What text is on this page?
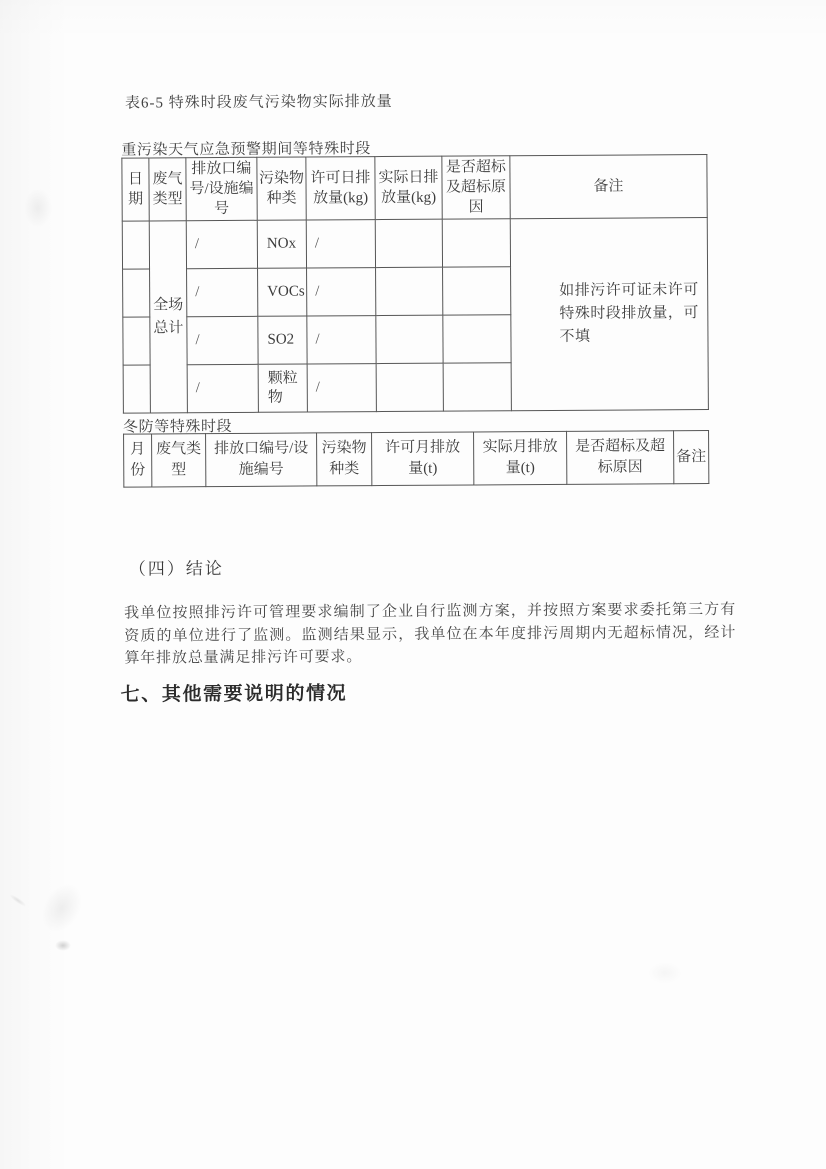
表6-5 特殊时段废气污染物实际排放量
重污染天气应急预警期间等特殊时段
日期	废气类型	排放口编号/设施编号	污染物种类	许可日排放量(kg)	实际日排放量(kg)	是否超标及超标原因	备注
	全场总计	/	NOx	/			如排污许可证未许可特殊时段排放量，可不填

		/	VOCs	/			
		/	SO2	/			
		/	颗粒物	/			
冬防等特殊时段
月份	废气类型	排放口编号/设施编号	污染物种类	许可月排放量(t)	实际月排放量(t)	是否超标及超标原因	备注
（四）结论
我单位按照排污许可管理要求编制了企业自行监测方案，并按照方案要求委托第三方有资质的单位进行了监测。监测结果显示，我单位在本年度排污周期内无超标情况，经计算年排放总量满足排污许可要求。
七、其他需要说明的情况
